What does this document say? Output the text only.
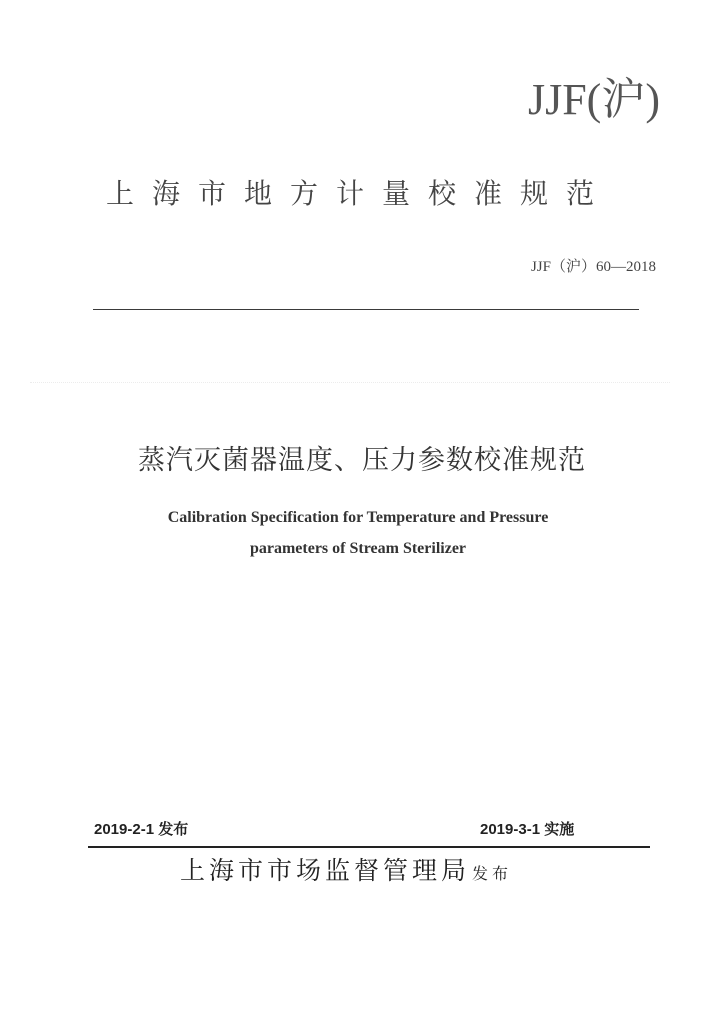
JJF(沪)
上海市地方计量校准规范
JJF（沪）60—2018
蒸汽灭菌器温度、压力参数校准规范
Calibration Specification for Temperature and Pressure
parameters of Stream Sterilizer
2019-2-1 发布	2019-3-1 实施
上海市市场监督管理局 发布
